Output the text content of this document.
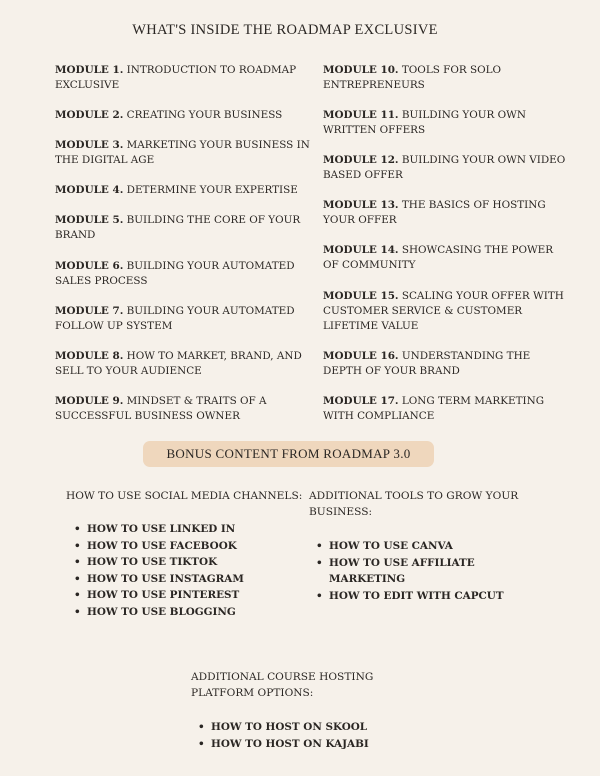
WHAT'S INSIDE THE ROADMAP EXCLUSIVE

MODULE 1. INTRODUCTION TO ROADMAP EXCLUSIVE

MODULE 2. CREATING YOUR BUSINESS

MODULE 3. MARKETING YOUR BUSINESS IN THE DIGITAL AGE

MODULE 4. DETERMINE YOUR EXPERTISE

MODULE 5. BUILDING THE CORE OF YOUR BRAND

MODULE 6. BUILDING YOUR AUTOMATED SALES PROCESS

MODULE 7. BUILDING YOUR AUTOMATED FOLLOW UP SYSTEM

MODULE 8. HOW TO MARKET, BRAND, AND SELL TO YOUR AUDIENCE

MODULE 9. MINDSET & TRAITS OF A SUCCESSFUL BUSINESS OWNER

MODULE 10. TOOLS FOR SOLO ENTREPRENEURS

MODULE 11. BUILDING YOUR OWN WRITTEN OFFERS

MODULE 12. BUILDING YOUR OWN VIDEO BASED OFFER

MODULE 13. THE BASICS OF HOSTING YOUR OFFER

MODULE 14. SHOWCASING THE POWER OF COMMUNITY

MODULE 15. SCALING YOUR OFFER WITH CUSTOMER SERVICE & CUSTOMER LIFETIME VALUE

MODULE 16. UNDERSTANDING THE DEPTH OF YOUR BRAND

MODULE 17. LONG TERM MARKETING WITH COMPLIANCE

BONUS CONTENT FROM ROADMAP 3.0
HOW TO USE SOCIAL MEDIA CHANNELS:
• HOW TO USE LINKED IN
• HOW TO USE FACEBOOK
• HOW TO USE TIKTOK
• HOW TO USE INSTAGRAM
• HOW TO USE PINTEREST
• HOW TO USE BLOGGING
ADDITIONAL TOOLS TO GROW YOUR BUSINESS:
• HOW TO USE CANVA
• HOW TO USE AFFILIATE MARKETING
• HOW TO EDIT WITH CAPCUT
ADDITIONAL COURSE HOSTING PLATFORM OPTIONS:
• HOW TO HOST ON SKOOL
• HOW TO HOST ON KAJABI
